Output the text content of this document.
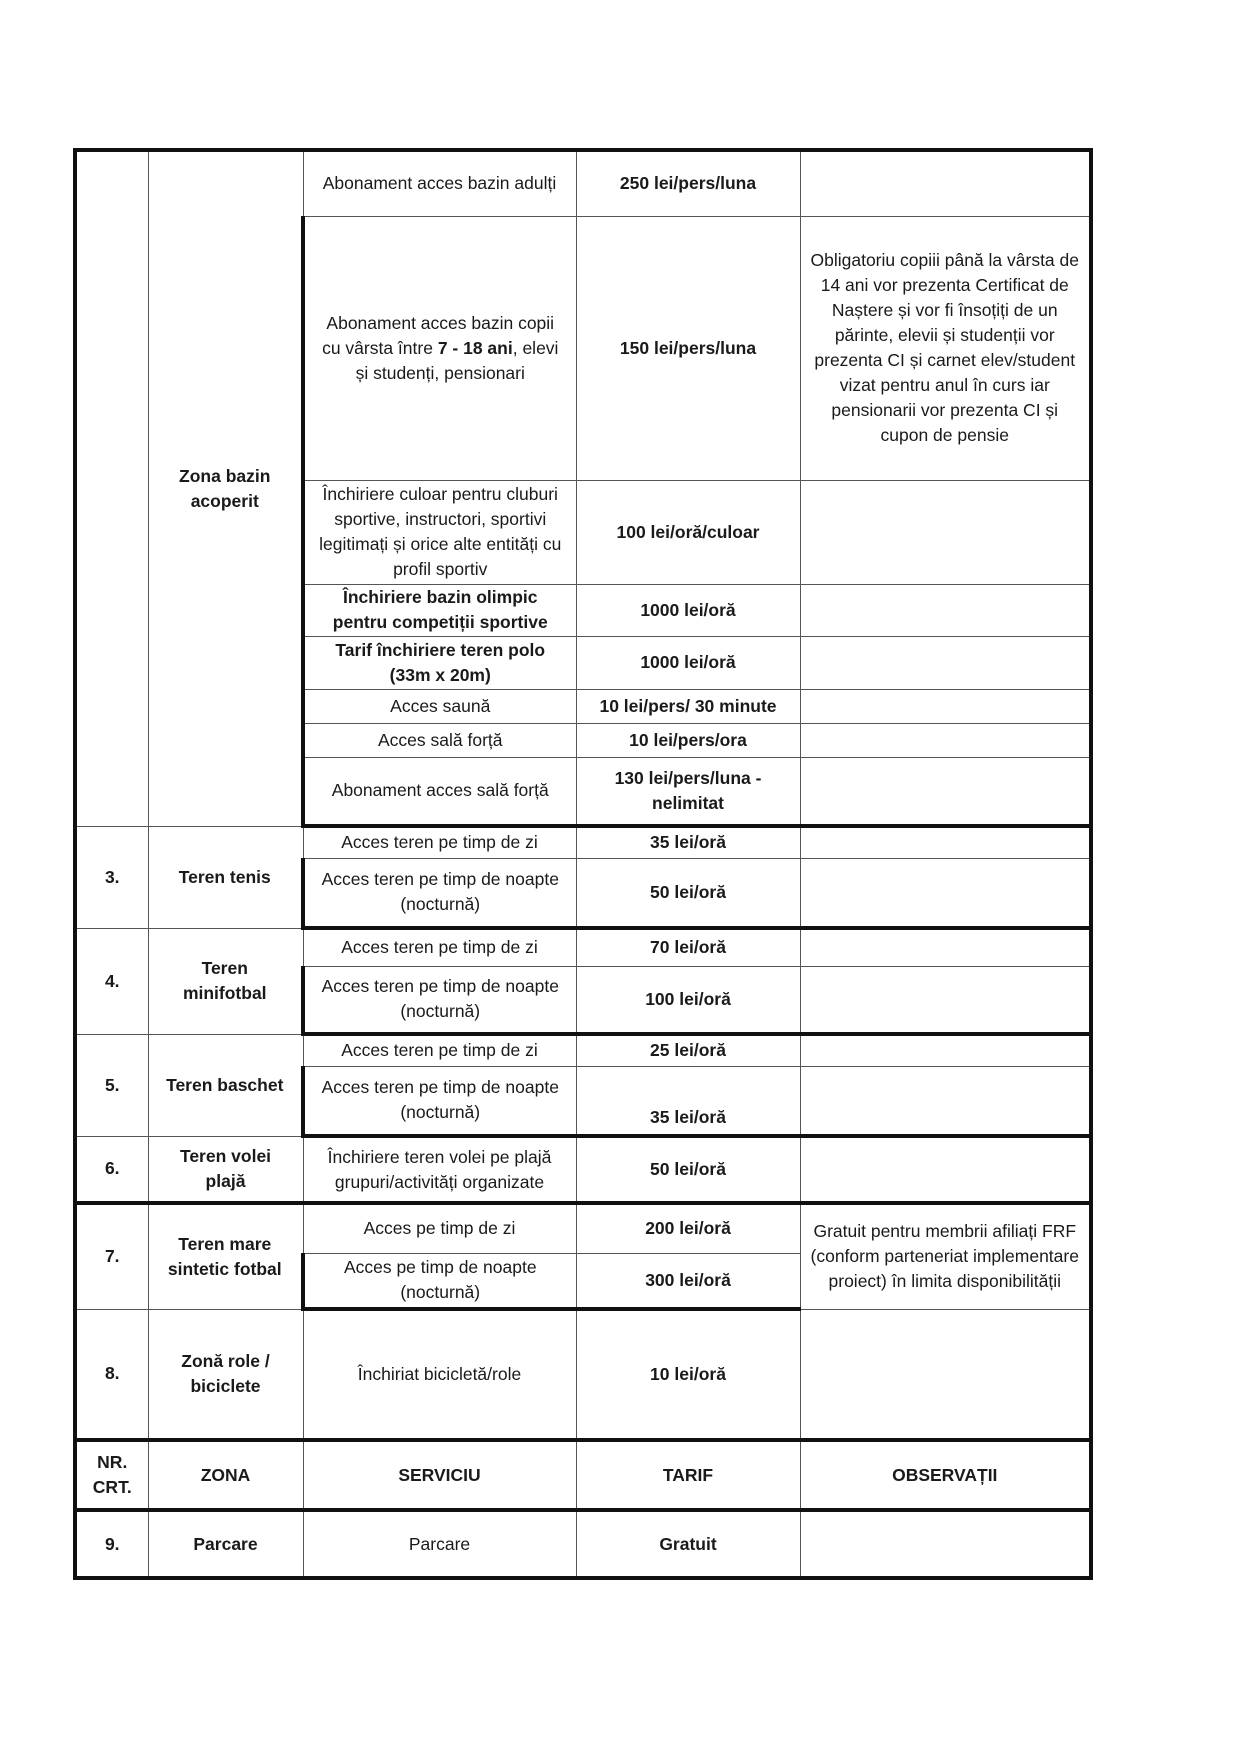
	Zona bazin acoperit	Abonament acces bazin adulți	250 lei/pers/luna	
		Abonament acces bazin copii cu vârsta între 7 - 18 ani, elevi și studenți, pensionari	150 lei/pers/luna	Obligatoriu copiii până la vârsta de 14 ani vor prezenta Certificat de Naștere și vor fi însoțiți de un părinte, elevii și studenții vor prezenta CI și carnet elev/student vizat pentru anul în curs iar pensionarii vor prezenta CI și cupon de pensie
		Închiriere culoar pentru cluburi sportive, instructori, sportivi legitimați și orice alte entități cu profil sportiv	100 lei/oră/culoar	
		Închiriere bazin olimpic pentru competiții sportive	1000 lei/oră	
		Tarif închiriere teren polo (33m x 20m)	1000 lei/oră	
		Acces saună	10 lei/pers/ 30 minute	
		Acces sală forță	10 lei/pers/ora	
		Abonament acces sală forță	130 lei/pers/luna - nelimitat	
3.	Teren tenis	Acces teren pe timp de zi	35 lei/oră	
		Acces teren pe timp de noapte (nocturnă)	50 lei/oră	
4.	Teren minifotbal	Acces teren pe timp de zi	70 lei/oră	
		Acces teren pe timp de noapte (nocturnă)	100 lei/oră	
5.	Teren baschet	Acces teren pe timp de zi	25 lei/oră	
		Acces teren pe timp de noapte (nocturnă)	35 lei/oră	
6.	Teren volei plajă	Închiriere teren volei pe plajă grupuri/activități organizate	50 lei/oră	
7.	Teren mare sintetic fotbal	Acces pe timp de zi	200 lei/oră	Gratuit pentru membrii afiliați FRF (conform parteneriat implementare proiect) în limita disponibilității
		Acces pe timp de noapte (nocturnă)	300 lei/oră	
8.	Zonă role / biciclete	Închiriat bicicletă/role	10 lei/oră	
NR. CRT.	ZONA	SERVICIU	TARIF	OBSERVAȚII
9.	Parcare	Parcare	Gratuit	
